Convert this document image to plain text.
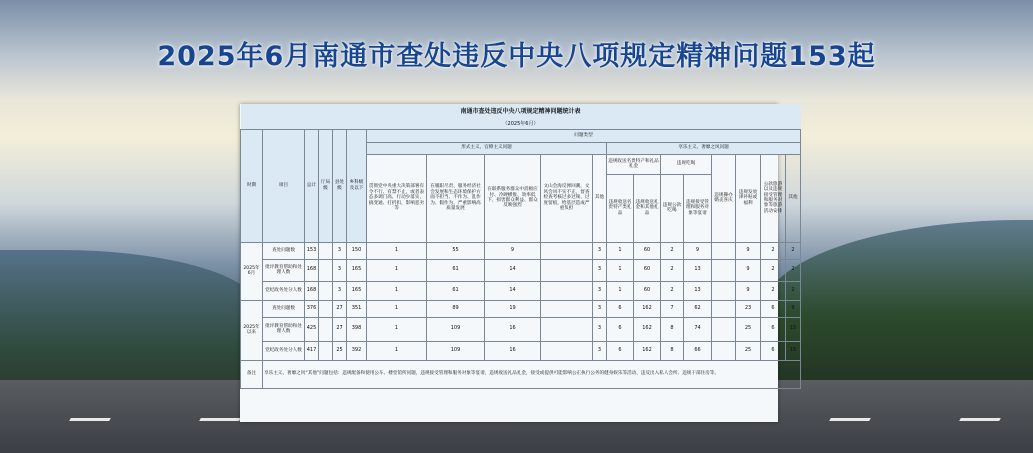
2025年6月南通市查处违反中央八项规定精神问题153起
南通市查处违反中央八项规定精神问题统计表																		
（2025年6月）																		
时期	项目	总计	厅局级	县处级	乡科级及以下	问题类型												
						形式主义、官僚主义问题					享乐主义、奢靡之风问题							
						贯彻党中央重大决策部署有令不行、有禁不止，或者表态多调门高、行动少落实，搞变通、打折扣，影响恶劣等	在履职尽责、服务经济社会发展和生态环境保护方面不担当、不作为、乱作为、假作为，严重影响高质量发展	在联系服务群众中消极应付、冷硬横推、效率低下，损害群众利益、群众反映强烈	文山会海反弹回潮，文风会风不实不正，督查检查考核过多过频、过度留痕，给基层造成严重负担	其他	违规收送名贵特产和礼品礼金		违规吃喝		违规操办婚丧喜庆	违规发放津补贴或福利	公款旅游以及违规接受管理和服务对象等旅游活动安排	其他
											违规收送名贵特产类礼品	违规收送礼金和其他礼品	违规公款吃喝	违规接受管理和服务对象等宴请				
2025年6月	查处问题数	153		3	150	1	55	9		3	1	60	2	9		9	2	2
	批评教育帮助和处理人数	168		3	165	1	61	14		3	1	60	2	13		9	2	2
	党纪政务处分人数	168		3	165	1	61	14		3	1	60	2	13		9	2	2
2025年以来	查处问题数	376		27	351	1	89	19		3	6	162	7	62		23	6	9
	批评教育帮助和处理人数	425		27	398	1	109	16		3	6	162	8	74		25	6	15
	党纪政务处分人数	417		25	392	1	109	16		3	6	162	8	66		25	6	15
备注	享乐主义、奢靡之风“其他”问题包括：违规配备和使用公车、楼堂馆所问题，违规接受管理和服务对象等宴请，违规收送礼品礼金，接受或提供可能影响公正执行公务的健身娱乐等活动、违反出入私人会所、违规干部住房等。																	
